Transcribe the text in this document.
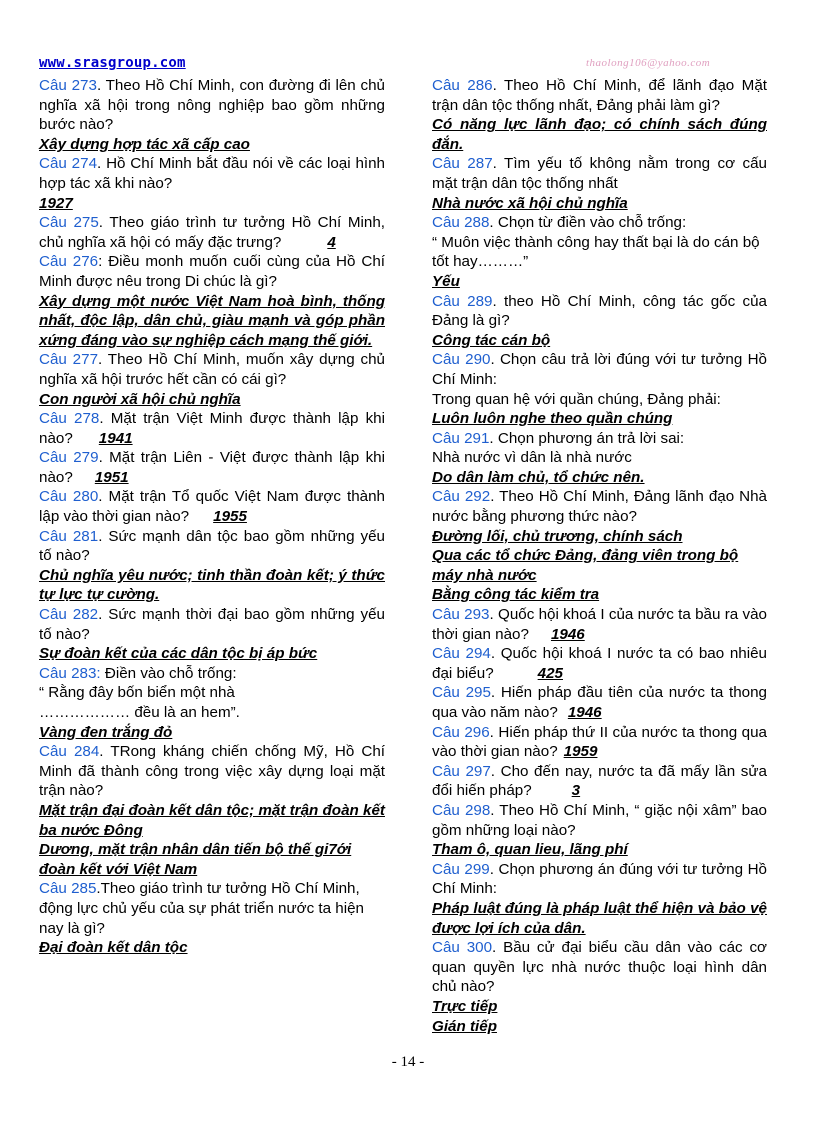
www.srasgroup.com	thaolong106@yahoo.com
Câu 273. Theo Hồ Chí Minh, con đường đi lên chủ nghĩa xã hội trong nông nghiệp bao gồm những bước nào?
Xây dựng hợp tác xã cấp cao
Câu 274. Hồ Chí Minh bắt đầu nói về các loại hình hợp tác xã khi nào?
1927
Câu 275. Theo giáo trình tư tưởng Hồ Chí Minh, chủ nghĩa xã hội có mấy đặc trưng?	4
Câu 276: Điều monh muốn cuối cùng của Hồ Chí Minh được nêu trong Di chúc là gì?
Xây dựng một nước Việt Nam hoà bình, thống nhất, độc lập, dân chủ, giàu mạnh và góp phần xứng đáng vào sự nghiệp cách mạng thế giới.
Câu 277. Theo Hồ Chí Minh, muốn xây dựng chủ nghĩa xã hội trước hết cần có cái gì?
Con người xã hội chủ nghĩa
Câu 278. Mặt trận Việt Minh được thành lập khi nào? 1941
Câu 279. Mặt trận Liên - Việt được thành lập khi nào? 1951
Câu 280. Mặt trận Tổ quốc Việt Nam được thành lập vào thời gian nào? 1955
Câu 281. Sức mạnh dân tộc bao gồm những yếu tố nào?
Chủ nghĩa yêu nước; tinh thần đoàn kết; ý thức tự lực tự cường.
Câu 282. Sức mạnh thời đại bao gồm những yếu tố nào?
Sự đoàn kết của các dân tộc bị áp bức
Câu 283: Điền vào chỗ trống:
“ Rằng đây bốn biển một nhà
……………… đều là an hem”.
Vàng đen trắng đỏ
Câu 284. TRong kháng chiến chống Mỹ, Hồ Chí Minh đã thành công trong việc xây dựng loại mặt trận nào?
Mặt trận đại đoàn kết dân tộc; mặt trận đoàn kết ba nước Đông
Dương, mặt trận nhân dân tiến bộ thế gi7ới đoàn kết với Việt Nam
Câu 285.Theo giáo trình tư tưởng Hồ Chí Minh, động lực chủ yếu của sự phát triển nước ta hiện nay là gì?
Đại đoàn kết dân tộc
Câu 286. Theo Hồ Chí Minh, để lãnh đạo Mặt trận dân tộc thống nhất, Đảng phải làm gì?
Có năng lực lãnh đạo; có chính sách đúng đắn.
Câu 287. Tìm yếu tố không nằm trong cơ cấu mặt trận dân tộc thống nhất
Nhà nước xã hội chủ nghĩa
Câu 288. Chọn từ điền vào chỗ trống:
“ Muôn việc thành công hay thất bại là do cán bộ tốt hay………”
Yếu
Câu 289. theo Hồ Chí Minh, công tác gốc của Đảng là gì?
Công tác cán bộ
Câu 290. Chọn câu trả lời đúng với tư tưởng Hồ Chí Minh:
Trong quan hệ với quần chúng, Đảng phải:
Luôn luôn nghe theo quần chúng
Câu 291. Chọn phương án trả lời sai:
Nhà nước vì dân là nhà nước
Do dân làm chủ, tổ chức nên.
Câu 292. Theo Hồ Chí Minh, Đảng lãnh đạo Nhà nước bằng phương thức nào?
Đường lối, chủ trương, chính sách
Qua các tổ chức Đảng, đảng viên trong bộ máy nhà nước
Bằng công tác kiểm tra
Câu 293. Quốc hội khoá I của nước ta bầu ra vào thời gian nào? 1946
Câu 294. Quốc hội khoá I nước ta có bao nhiêu đại biểu?	425
Câu 295. Hiến pháp đầu tiên của nước ta thong qua vào năm nào? 1946
Câu 296. Hiến pháp thứ II của nước ta thong qua vào thời gian nào? 1959
Câu 297. Cho đến nay, nước ta đã mấy lần sửa đổi hiến pháp?	3
Câu 298. Theo Hồ Chí Minh, “ giặc nội xâm” bao gồm những loại nào?
Tham ô, quan lieu, lãng phí
Câu 299. Chọn phương án đúng với tư tưởng Hồ Chí Minh:
Pháp luật đúng là pháp luật thể hiện và bảo vệ được lợi ích của dân.
Câu 300. Bầu cử đại biểu cầu dân vào các cơ quan quyền lực nhà nước thuộc loại hình dân chủ nào?
Trực tiếp
Gián tiếp
- 14 -
